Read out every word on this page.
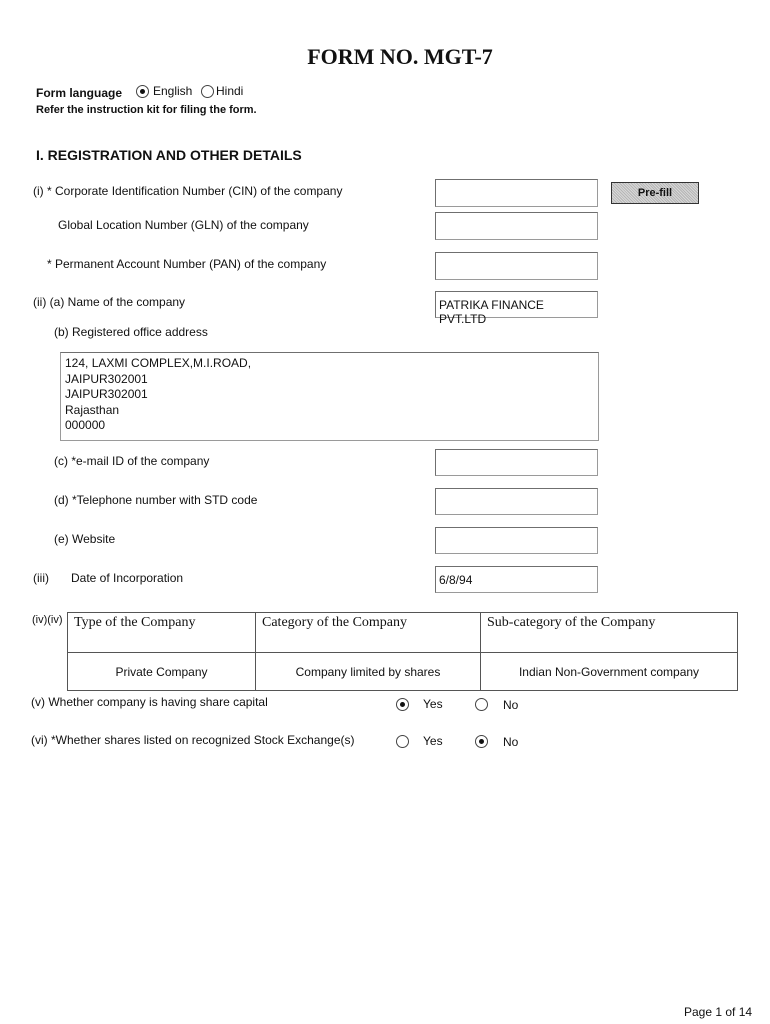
FORM NO. MGT-7
Form language	English Hindi
Refer the instruction kit for filing the form.
I. REGISTRATION AND OTHER DETAILS
(i) * Corporate Identification Number (CIN) of the company	Pre-fill
Global Location Number (GLN) of the company
* Permanent Account Number (PAN) of the company
(ii) (a) Name of the company	PATRIKA FINANCE PVT.LTD
(b) Registered office address
124, LAXMI COMPLEX,M.I.ROAD,
JAIPUR302001
JAIPUR302001
Rajasthan
000000
(c) *e-mail ID of the company
(d) *Telephone number with STD code
(e) Website
(iii) Date of Incorporation	6/8/94
(iv)(iv) Type of the Company	Category of the Company	Sub-category of the Company
Private Company	Company limited by shares	Indian Non-Government company
(v) Whether company is having share capital	Yes	No
(vi) *Whether shares listed on recognized Stock Exchange(s)	Yes	No
Page 1 of 14
